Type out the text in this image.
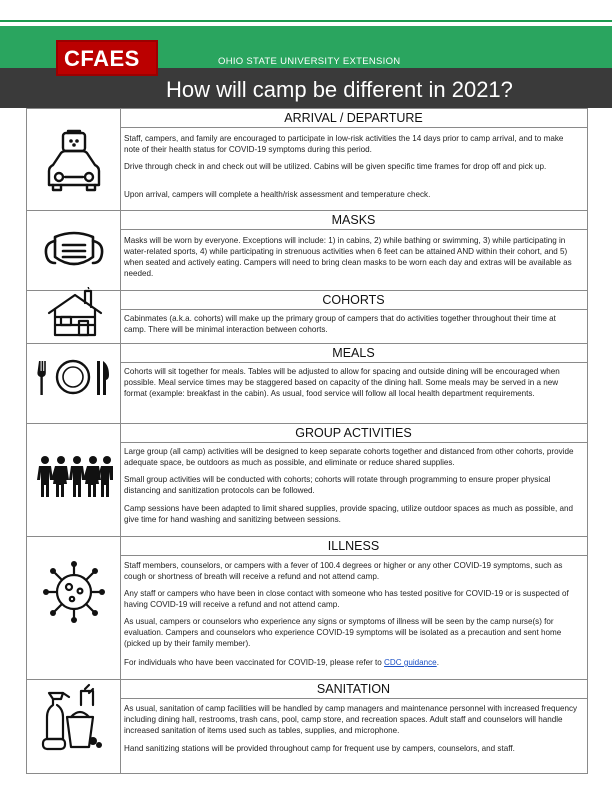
CFAES	OHIO STATE UNIVERSITY EXTENSION
How will camp be different in 2021?
ARRIVAL / DEPARTURE

Staff, campers, and family are encouraged to participate in low-risk activities the 14 days prior to camp arrival, and to make note of their health status for COVID-19 symptoms during this period.

Drive through check in and check out will be utilized. Cabins will be given specific time frames for drop off and pick up.

Upon arrival, campers will complete a health/risk assessment and temperature check.

MASKS

Masks will be worn by everyone. Exceptions will include: 1) in cabins, 2) while bathing or swimming, 3) while participating in water-related sports, 4) while participating in strenuous activities when 6 feet can be attained AND within their cohort, and 5) when seated and actively eating. Campers will need to bring clean masks to be worn each day and extras will be available as needed.

COHORTS

Cabinmates (a.k.a. cohorts) will make up the primary group of campers that do activities together throughout their time at camp. There will be minimal interaction between cohorts.

MEALS

Cohorts will sit together for meals. Tables will be adjusted to allow for spacing and outside dining will be encouraged when possible. Meal service times may be staggered based on capacity of the dining hall. Some meals may be served in a new format (example: breakfast in the cabin). As usual, food service will follow all local health department requirements.

GROUP ACTIVITIES

Large group (all camp) activities will be designed to keep separate cohorts together and distanced from other cohorts, provide adequate space, be outdoors as much as possible, and eliminate or reduce shared supplies.

Small group activities will be conducted with cohorts; cohorts will rotate through programming to ensure proper physical distancing and sanitization protocols can be followed.

Camp sessions have been adapted to limit shared supplies, provide spacing, utilize outdoor spaces as much as possible, and give time for hand washing and sanitizing between sessions.

ILLNESS

Staff members, counselors, or campers with a fever of 100.4 degrees or higher or any other COVID-19 symptoms, such as cough or shortness of breath will receive a refund and not attend camp.

Any staff or campers who have been in close contact with someone who has tested positive for COVID-19 or is suspected of having COVID-19 will receive a refund and not attend camp.

As usual, campers or counselors who experience any signs or symptoms of illness will be seen by the camp nurse(s) for evaluation. Campers and counselors who experience COVID-19 symptoms will be isolated as a precaution and sent home (picked up by their family member).

For individuals who have been vaccinated for COVID-19, please refer to CDC guidance.

SANITATION

As usual, sanitation of camp facilities will be handled by camp managers and maintenance personnel with increased frequency including dining hall, restrooms, trash cans, pool, camp store, and recreation spaces. Adult staff and counselors will handle increased sanitation of items used such as tables, supplies, and microphone.

Hand sanitizing stations will be provided throughout camp for frequent use by campers, counselors, and staff.
